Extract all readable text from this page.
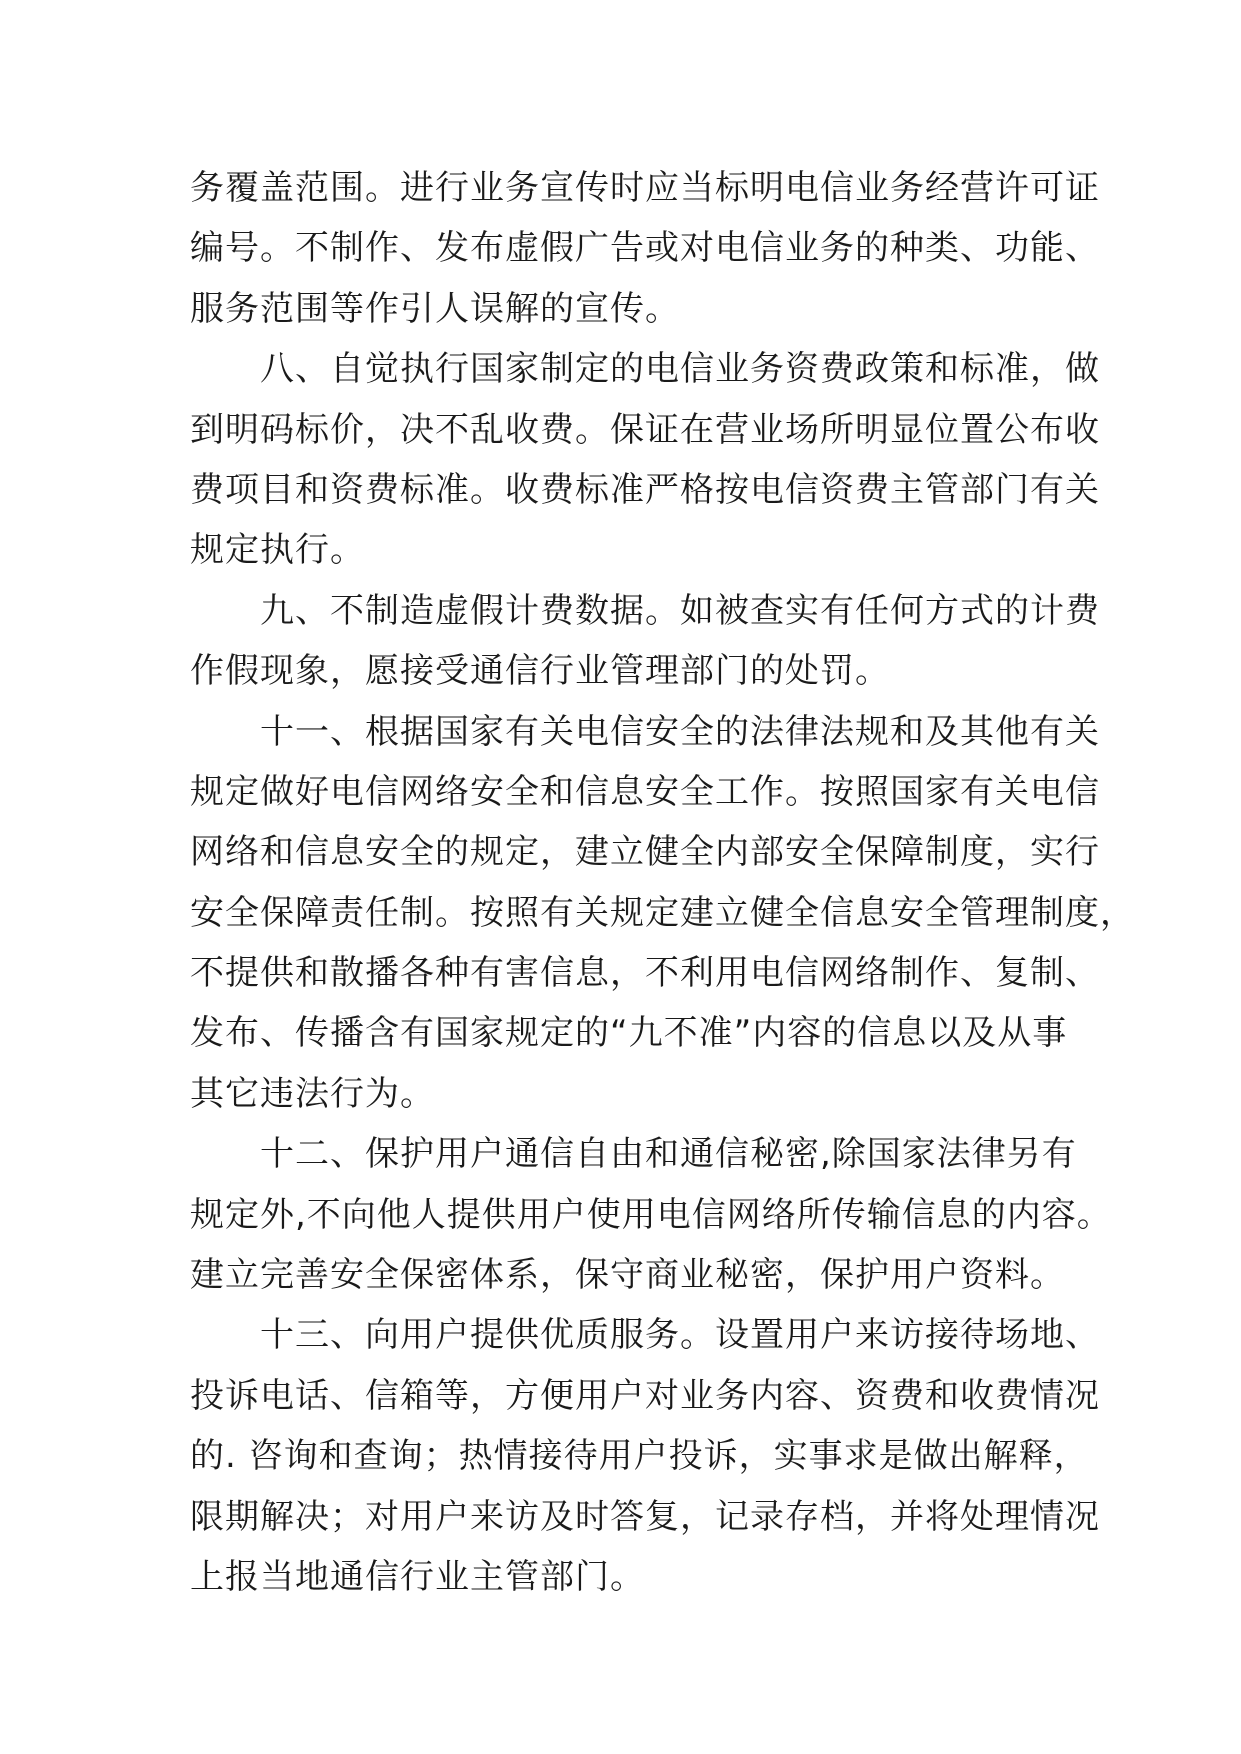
务覆盖范围。进行业务宣传时应当标明电信业务经营许可证
编号。不制作、发布虚假广告或对电信业务的种类、功能、
服务范围等作引人误解的宣传。
　　八、自觉执行国家制定的电信业务资费政策和标准，做
到明码标价，决不乱收费。保证在营业场所明显位置公布收
费项目和资费标准。收费标准严格按电信资费主管部门有关
规定执行。
　　九、不制造虚假计费数据。如被查实有任何方式的计费
作假现象，愿接受通信行业管理部门的处罚。
　　十一、根据国家有关电信安全的法律法规和及其他有关
规定做好电信网络安全和信息安全工作。按照国家有关电信
网络和信息安全的规定，建立健全内部安全保障制度，实行
安全保障责任制。按照有关规定建立健全信息安全管理制度，
不提供和散播各种有害信息，不利用电信网络制作、复制、
发布、传播含有国家规定的“九不准”内容的信息以及从事
其它违法行为。
　　十二、保护用户通信自由和通信秘密,除国家法律另有
规定外,不向他人提供用户使用电信网络所传输信息的内容。
建立完善安全保密体系，保守商业秘密，保护用户资料。
　　十三、向用户提供优质服务。设置用户来访接待场地、
投诉电话、信箱等，方便用户对业务内容、资费和收费情况
的. 咨询和查询；热情接待用户投诉，实事求是做出解释，
限期解决；对用户来访及时答复，记录存档，并将处理情况
上报当地通信行业主管部门。
